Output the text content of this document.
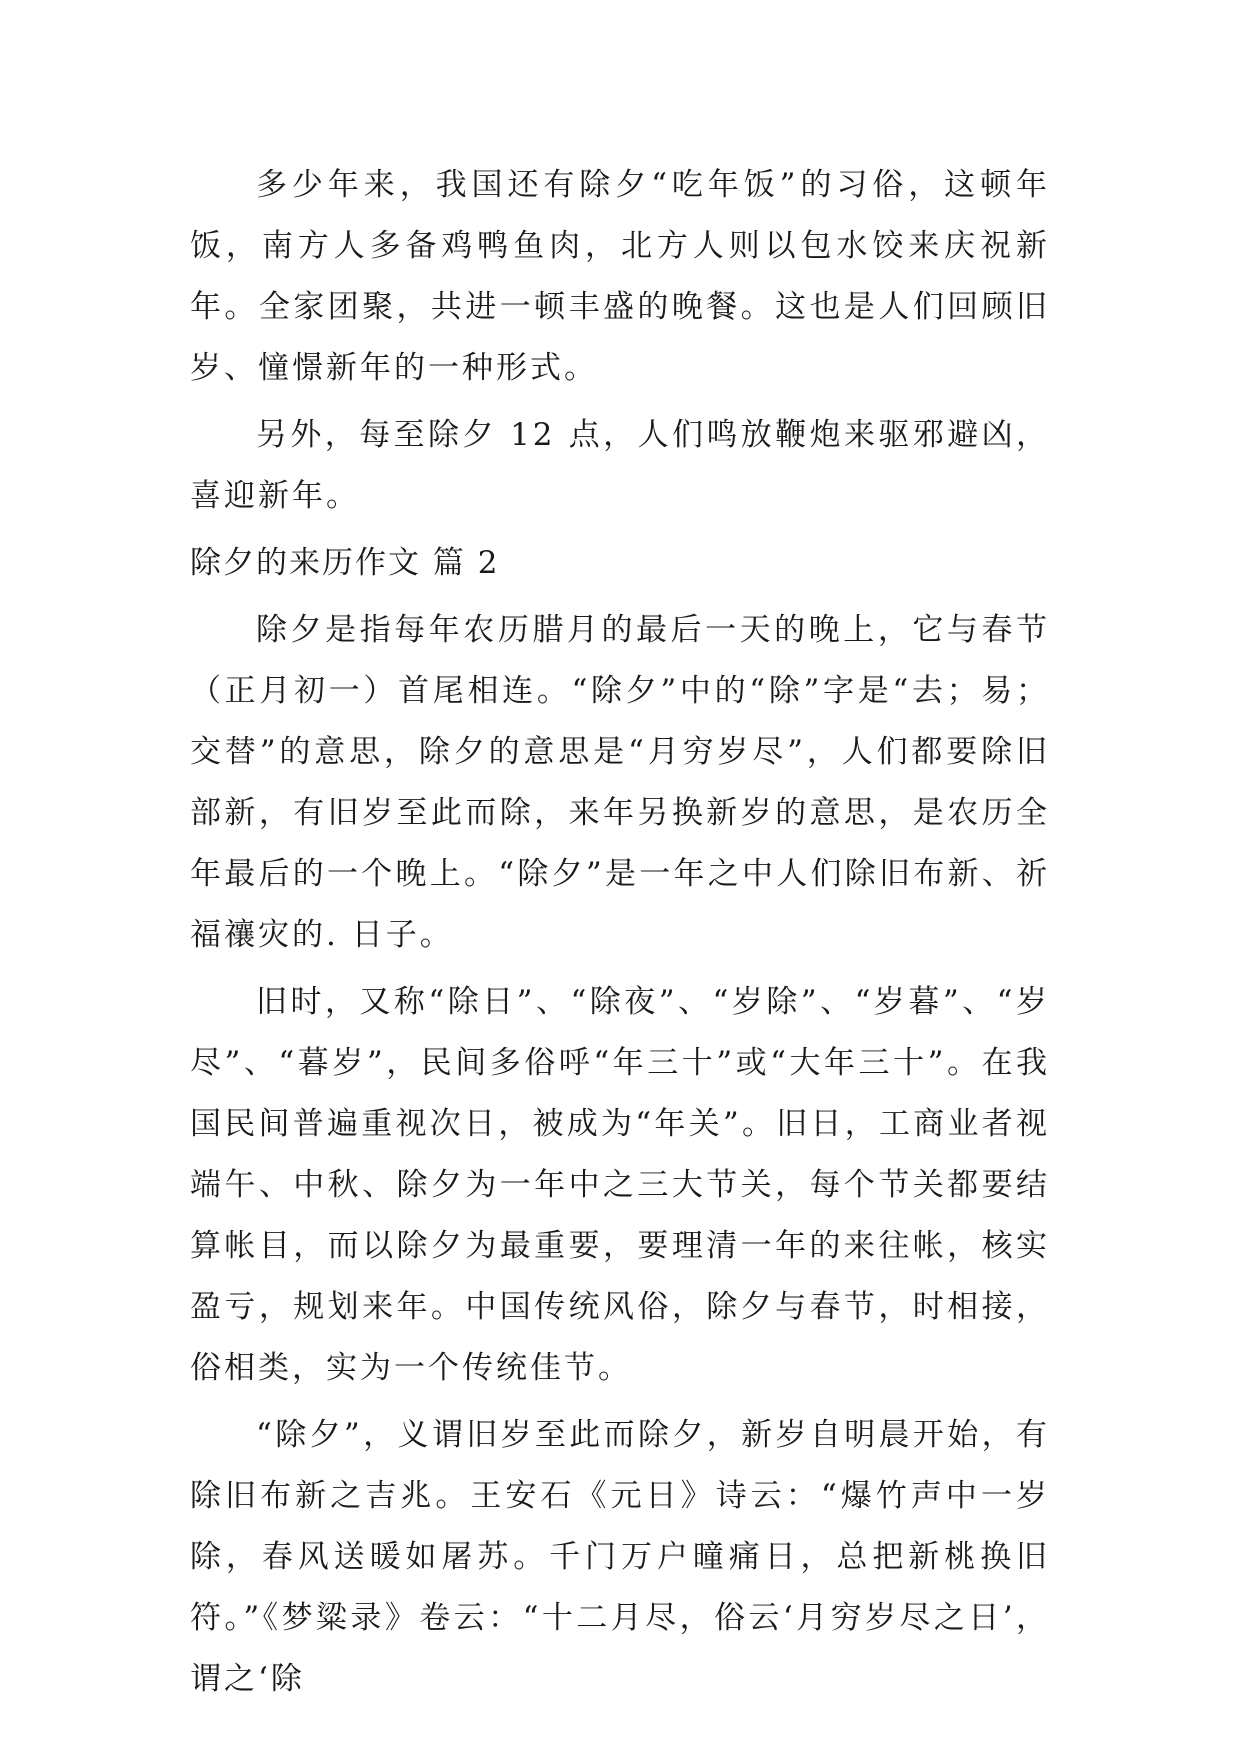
多少年来，我国还有除夕“吃年饭”的习俗，这顿年饭，南方人多备鸡鸭鱼肉，北方人则以包水饺来庆祝新年。全家团聚，共进一顿丰盛的晚餐。这也是人们回顾旧岁、憧憬新年的一种形式。

另外，每至除夕 12 点，人们鸣放鞭炮来驱邪避凶，喜迎新年。

除夕的来历作文 篇 2

除夕是指每年农历腊月的最后一天的晚上，它与春节（正月初一）首尾相连。“除夕”中的“除”字是“去；易；交替”的意思，除夕的意思是“月穷岁尽”，人们都要除旧部新，有旧岁至此而除，来年另换新岁的意思，是农历全年最后的一个晚上。“除夕”是一年之中人们除旧布新、祈福禳灾的. 日子。

旧时，又称“除日”、“除夜”、“岁除”、“岁暮”、“岁尽”、“暮岁”，民间多俗呼“年三十”或“大年三十”。在我国民间普遍重视次日，被成为“年关”。旧日，工商业者视端午、中秋、除夕为一年中之三大节关，每个节关都要结算帐目，而以除夕为最重要，要理清一年的来往帐，核实盈亏，规划来年。中国传统风俗，除夕与春节，时相接，俗相类，实为一个传统佳节。

“除夕”，义谓旧岁至此而除夕，新岁自明晨开始，有除旧布新之吉兆。王安石《元日》诗云：“爆竹声中一岁除，春风送暖如屠苏。千门万户曈痛日，总把新桃换旧符。”《梦粱录》卷云：“十二月尽，俗云‘月穷岁尽之日’，谓之‘除
